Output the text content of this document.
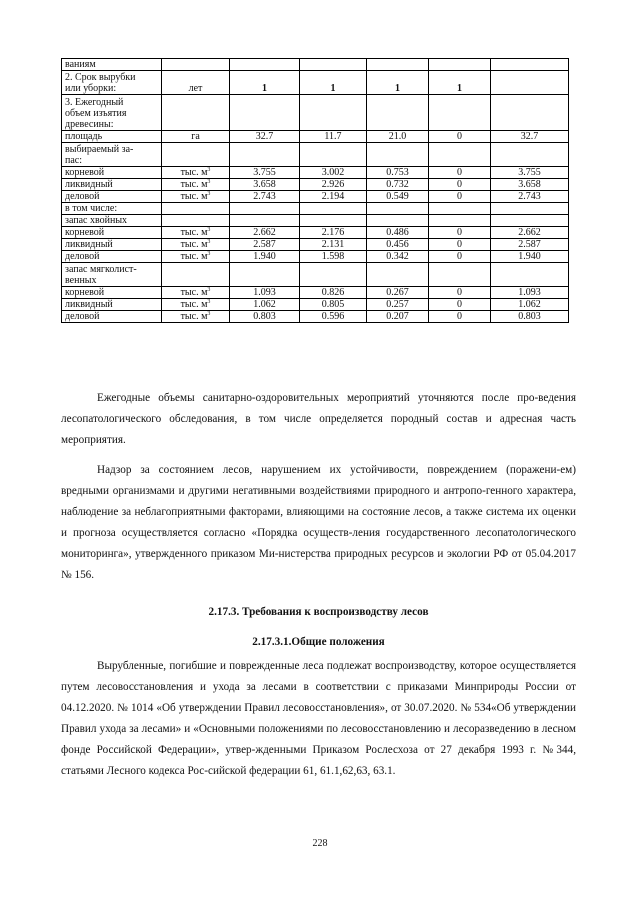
ваниям						
2. Срок вырубки
или уборки:	лет	1	1	1	1	
3. Ежегодный
объем изъятия
древесины:						
площадь	га	32.7	11.7	21.0	0	32.7
выбираемый за-
пас:						
корневой	тыс. $м^3$	3.755	3.002	0.753	0	3.755
ликвидный	тыс. $м^3$	3.658	2.926	0.732	0	3.658
деловой	тыс. $м^3$	2.743	2.194	0.549	0	2.743
в том числе:						
запас хвойных						
корневой	тыс. $м^3$	2.662	2.176	0.486	0	2.662
ликвидный	тыс. $м^3$	2.587	2.131	0.456	0	2.587
деловой	тыс. $м^3$	1.940	1.598	0.342	0	1.940
запас мягколист-
венных						
корневой	тыс. $м^3$	1.093	0.826	0.267	0	1.093
ликвидный	тыс. $м^3$	1.062	0.805	0.257	0	1.062
деловой	тыс. $м^3$	0.803	0.596	0.207	0	0.803

Ежегодные объемы санитарно-оздоровительных мероприятий уточняются после про-ведения лесопатологического обследования, в том числе определяется породный состав и адресная часть мероприятия.

Надзор за состоянием лесов, нарушением их устойчивости, повреждением (поражени-ем) вредными организмами и другими негативными воздействиями природного и антропо-генного характера, наблюдение за неблагоприятными факторами, влияющими на состояние лесов, а также система их оценки и прогноза осуществляется согласно «Порядка осуществ-ления государственного лесопатологического мониторинга», утвержденного приказом Ми-нистерства природных ресурсов и экологии РФ от 05.04.2017 № 156.

2.17.3. Требования к воспроизводству лесов

2.17.3.1.Общие положения

Вырубленные, погибшие и поврежденные леса подлежат воспроизводству, которое осуществляется путем лесовосстановления и ухода за лесами в соответствии с приказами Минприроды России от 04.12.2020. № 1014 «Об утверждении Правил лесовосстановления», от 30.07.2020. № 534«Об утверждении Правил ухода за лесами» и «Основными положениями по лесовосстановлению и лесоразведению в лесном фонде Российской Федерации», утвер-жденными Приказом Рослесхоза от 27 декабря 1993 г. №344, статьями Лесного кодекса Рос-сийской федерации 61, 61.1,62,63, 63.1.

228
